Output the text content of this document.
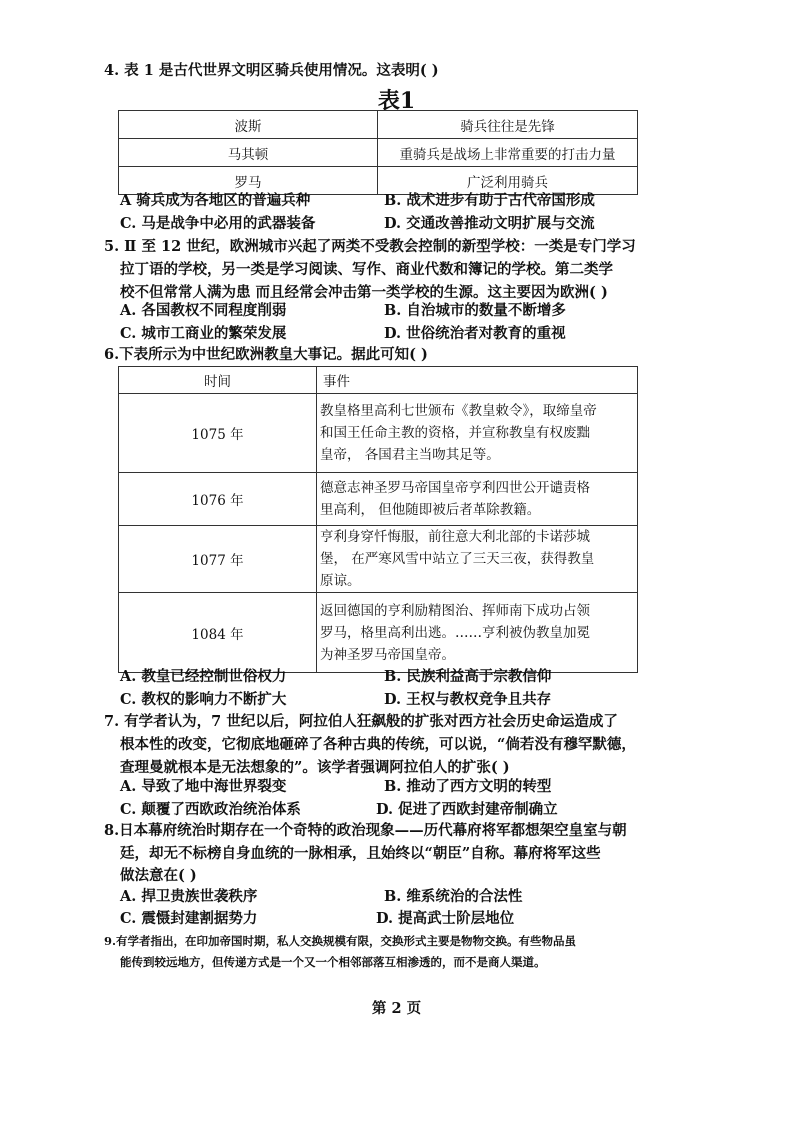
4. 表 1 是古代世界文明区骑兵使用情况。这表明( )
表1
波斯	骑兵往往是先锋
马其顿	重骑兵是战场上非常重要的打击力量
罗马	广泛利用骑兵
A 骑兵成为各地区的普遍兵种	B. 战术进步有助于古代帝国形成
C. 马是战争中必用的武器装备	D. 交通改善推动文明扩展与交流
5. Ⅱ 至 12 世纪，欧洲城市兴起了两类不受教会控制的新型学校：一类是专门学习
拉丁语的学校，另一类是学习阅读、写作、商业代数和簿记的学校。第二类学
校不但常常人满为患 而且经常会冲击第一类学校的生源。这主要因为欧洲( )
A. 各国教权不同程度削弱	B. 自治城市的数量不断增多
C. 城市工商业的繁荣发展	D. 世俗统治者对教育的重视
6.下表所示为中世纪欧洲教皇大事记。据此可知( )
时间	事件
1075 年	教皇格里高利七世颁布《教皇敕令》，取缔皇帝
和国王任命主教的资格，并宣称教皇有权废黜
皇帝， 各国君主当吻其足等。

1076 年	德意志神圣罗马帝国皇帝亨利四世公开谴责格
里高利， 但他随即被后者革除教籍。

1077 年	亨利身穿忏悔服，前往意大利北部的卡诺莎城
堡， 在严寒风雪中站立了三天三夜，获得教皇
原谅。

1084 年	返回德国的亨利励精图治、挥师南下成功占领
罗马，格里高利出逃。……亨利被伪教皇加冕
为神圣罗马帝国皇帝。
A. 教皇已经控制世俗权力	B. 民族利益高于宗教信仰
C. 教权的影响力不断扩大	D. 王权与教权竞争且共存
7. 有学者认为，7 世纪以后，阿拉伯人狂飙般的扩张对西方社会历史命运造成了
根本性的改变，它彻底地砸碎了各种古典的传统，可以说，“倘若没有穆罕默德，
查理曼就根本是无法想象的”。该学者强调阿拉伯人的扩张( )
A. 导致了地中海世界裂变	B. 推动了西方文明的转型
C. 颠覆了西欧政治统治体系	D. 促进了西欧封建帝制确立
8.日本幕府统治时期存在一个奇特的政治现象——历代幕府将军都想架空皇室与朝
廷，却无不标榜自身血统的一脉相承，且始终以“朝臣”自称。幕府将军这些
做法意在( )
A. 捍卫贵族世袭秩序	B. 维系统治的合法性
C. 震慑封建割据势力	D. 提高武士阶层地位
9.有学者指出，在印加帝国时期，私人交换规模有限，交换形式主要是物物交换。有些物品虽
能传到较远地方，但传递方式是一个又一个相邻部落互相渗透的，而不是商人渠道。
第 2 页
